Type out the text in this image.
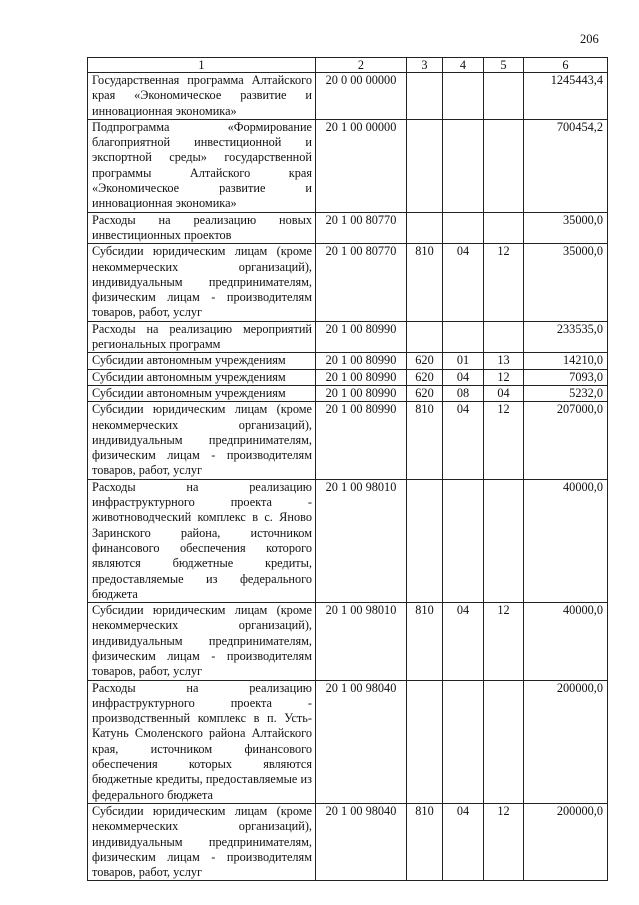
206
1	2	3	4	5	6
Государственная программа Алтайского края «Экономическое развитие и инновационная экономика»	20 0 00 00000				1245443,4
Подпрограмма «Формирование благоприятной инвестиционной и экспортной среды» государственной программы Алтайского края «Экономическое развитие и инновационная экономика»	20 1 00 00000				700454,2
Расходы на реализацию новых инвестиционных проектов	20 1 00 80770				35000,0
Субсидии юридическим лицам (кроме некоммерческих организаций), индивидуальным предпринимателям, физическим лицам - производителям товаров, работ, услуг	20 1 00 80770	810	04	12	35000,0
Расходы на реализацию мероприятий региональных программ	20 1 00 80990				233535,0
Субсидии автономным учреждениям	20 1 00 80990	620	01	13	14210,0
Субсидии автономным учреждениям	20 1 00 80990	620	04	12	7093,0
Субсидии автономным учреждениям	20 1 00 80990	620	08	04	5232,0
Субсидии юридическим лицам (кроме некоммерческих организаций), индивидуальным предпринимателям, физическим лицам - производителям товаров, работ, услуг	20 1 00 80990	810	04	12	207000,0
Расходы на реализацию инфраструктурного проекта - животноводческий комплекс в с. Яново Заринского района, источником финансового обеспечения которого являются бюджетные кредиты, предоставляемые из федерального бюджета	20 1 00 98010				40000,0
Субсидии юридическим лицам (кроме некоммерческих организаций), индивидуальным предпринимателям, физическим лицам - производителям товаров, работ, услуг	20 1 00 98010	810	04	12	40000,0
Расходы на реализацию инфраструктурного проекта - производственный комплекс в п. Усть-Катунь Смоленского района Алтайского края, источником финансового обеспечения которых являются бюджетные кредиты, предоставляемые из федерального бюджета	20 1 00 98040				200000,0
Субсидии юридическим лицам (кроме некоммерческих организаций), индивидуальным предпринимателям, физическим лицам - производителям товаров, работ, услуг	20 1 00 98040	810	04	12	200000,0
